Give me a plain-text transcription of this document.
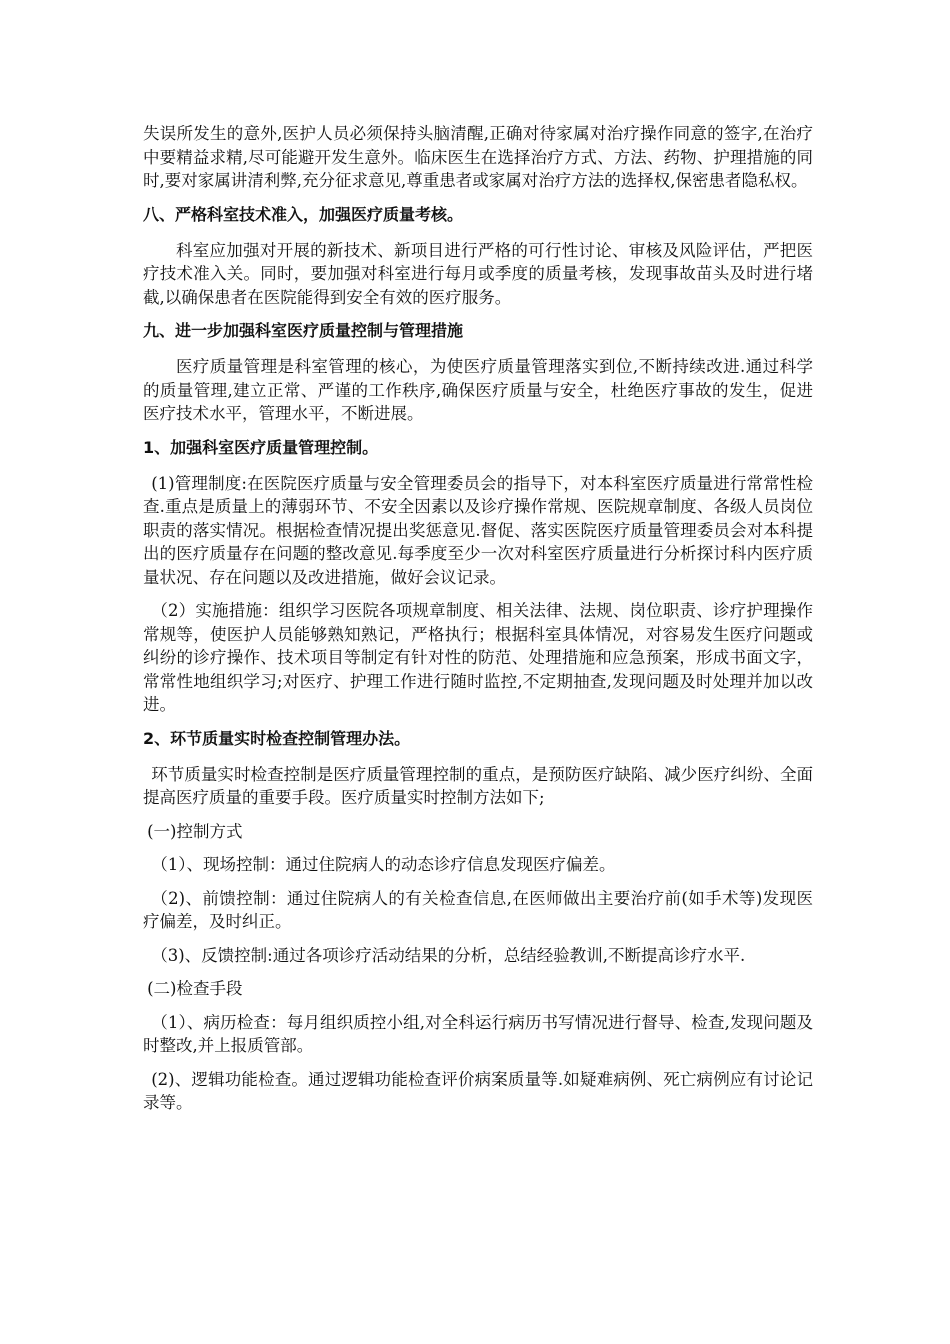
失误所发生的意外,医护人员必须保持头脑清醒,正确对待家属对治疗操作同意的签字,在治疗中要精益求精,尽可能避开发生意外。临床医生在选择治疗方式、方法、药物、护理措施的同时,要对家属讲清利弊,充分征求意见,尊重患者或家属对治疗方法的选择权,保密患者隐私权。

八、严格科室技术准入，加强医疗质量考核。

科室应加强对开展的新技术、新项目进行严格的可行性讨论、审核及风险评估，严把医疗技术准入关。同时，要加强对科室进行每月或季度的质量考核，发现事故苗头及时进行堵截,以确保患者在医院能得到安全有效的医疗服务。

九、进一步加强科室医疗质量控制与管理措施

医疗质量管理是科室管理的核心，为使医疗质量管理落实到位,不断持续改进.通过科学的质量管理,建立正常、严谨的工作秩序,确保医疗质量与安全，杜绝医疗事故的发生，促进医疗技术水平，管理水平，不断进展。

1、加强科室医疗质量管理控制。

(1)管理制度:在医院医疗质量与安全管理委员会的指导下，对本科室医疗质量进行常常性检查.重点是质量上的薄弱环节、不安全因素以及诊疗操作常规、医院规章制度、各级人员岗位职责的落实情况。根据检查情况提出奖惩意见.督促、落实医院医疗质量管理委员会对本科提出的医疗质量存在问题的整改意见.每季度至少一次对科室医疗质量进行分析探讨科内医疗质量状况、存在问题以及改进措施，做好会议记录。

（2）实施措施：组织学习医院各项规章制度、相关法律、法规、岗位职责、诊疗护理操作常规等，使医护人员能够熟知熟记，严格执行；根据科室具体情况，对容易发生医疗问题或纠纷的诊疗操作、技术项目等制定有针对性的防范、处理措施和应急预案，形成书面文字，常常性地组织学习;对医疗、护理工作进行随时监控,不定期抽查,发现问题及时处理并加以改进。

2、环节质量实时检查控制管理办法。

环节质量实时检查控制是医疗质量管理控制的重点，是预防医疗缺陷、减少医疗纠纷、全面提高医疗质量的重要手段。医疗质量实时控制方法如下;

(一)控制方式

（1）、现场控制：通过住院病人的动态诊疗信息发现医疗偏差。

（2)、前馈控制：通过住院病人的有关检查信息,在医师做出主要治疗前(如手术等)发现医疗偏差，及时纠正。

（3)、反馈控制:通过各项诊疗活动结果的分析，总结经验教训,不断提高诊疗水平.

(二)检查手段

（1）、病历检查：每月组织质控小组,对全科运行病历书写情况进行督导、检查,发现问题及时整改,并上报质管部。

(2)、逻辑功能检查。通过逻辑功能检查评价病案质量等.如疑难病例、死亡病例应有讨论记录等。
